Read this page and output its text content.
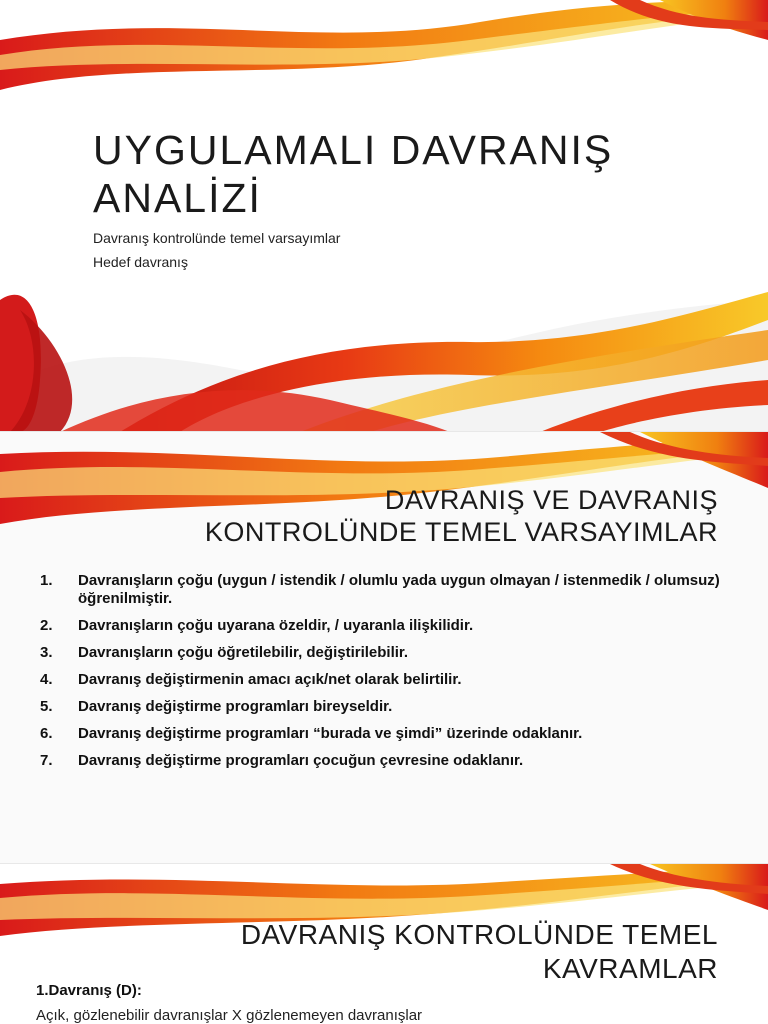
UYGULAMALI DAVRANIŞ
ANALİZİ

Davranış kontrolünde temel varsayımlar

Hedef davranış

DAVRANIŞ VE DAVRANIŞ
KONTROLÜNDE TEMEL VARSAYIMLAR
1.	Davranışların çoğu (uygun / istendik / olumlu yada uygun olmayan / istenmedik / olumsuz) öğrenilmiştir.
2.	Davranışların çoğu uyarana özeldir, / uyaranla ilişkilidir.
3.	Davranışların çoğu öğretilebilir, değiştirilebilir.
4.	Davranış değiştirmenin amacı açık/net olarak belirtilir.
5.	Davranış değiştirme programları bireyseldir.
6.	Davranış değiştirme programları “burada ve şimdi” üzerinde odaklanır.
7.	Davranış değiştirme programları çocuğun çevresine odaklanır.
DAVRANIŞ KONTROLÜNDE TEMEL
KAVRAMLAR

1.Davranış (D):

Açık, gözlenebilir davranışlar X gözlenemeyen davranışlar
